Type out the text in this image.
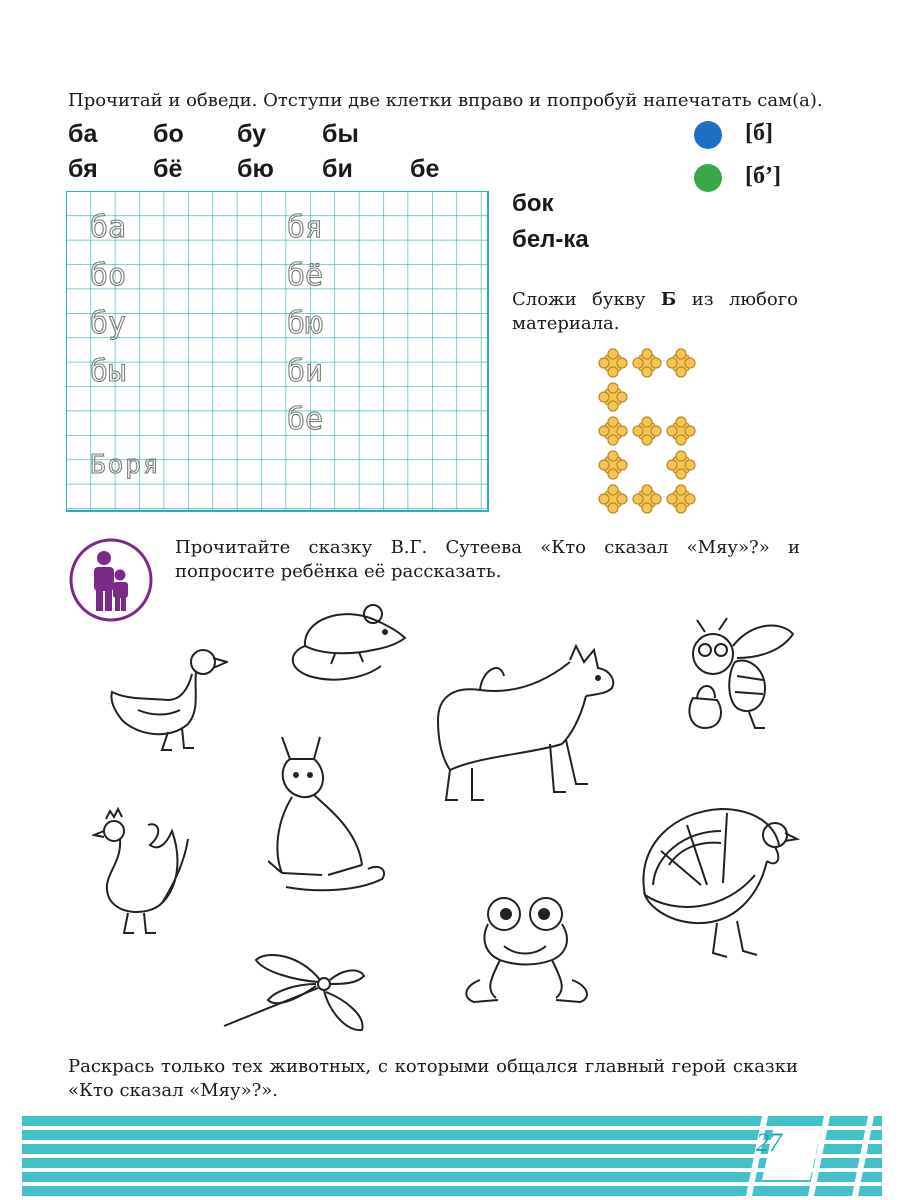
Прочитай и обведи. Отступи две клетки вправо и попробуй напечатать сам(а).
ба бо бу бы
бя бё бю би бе
[б]
[б’]
бок
бел-ка
ба
бо
бу
бы
Боря
бя
бё
бю
би
бе
Сложи букву Б из любого материала.
Прочитайте сказку В.Г. Сутеева «Кто сказал «Мяу»?» и попросите ребёнка её рассказать.
Раскрась только тех животных, с которыми общался главный герой сказки «Кто сказал «Мяу»?».
27
